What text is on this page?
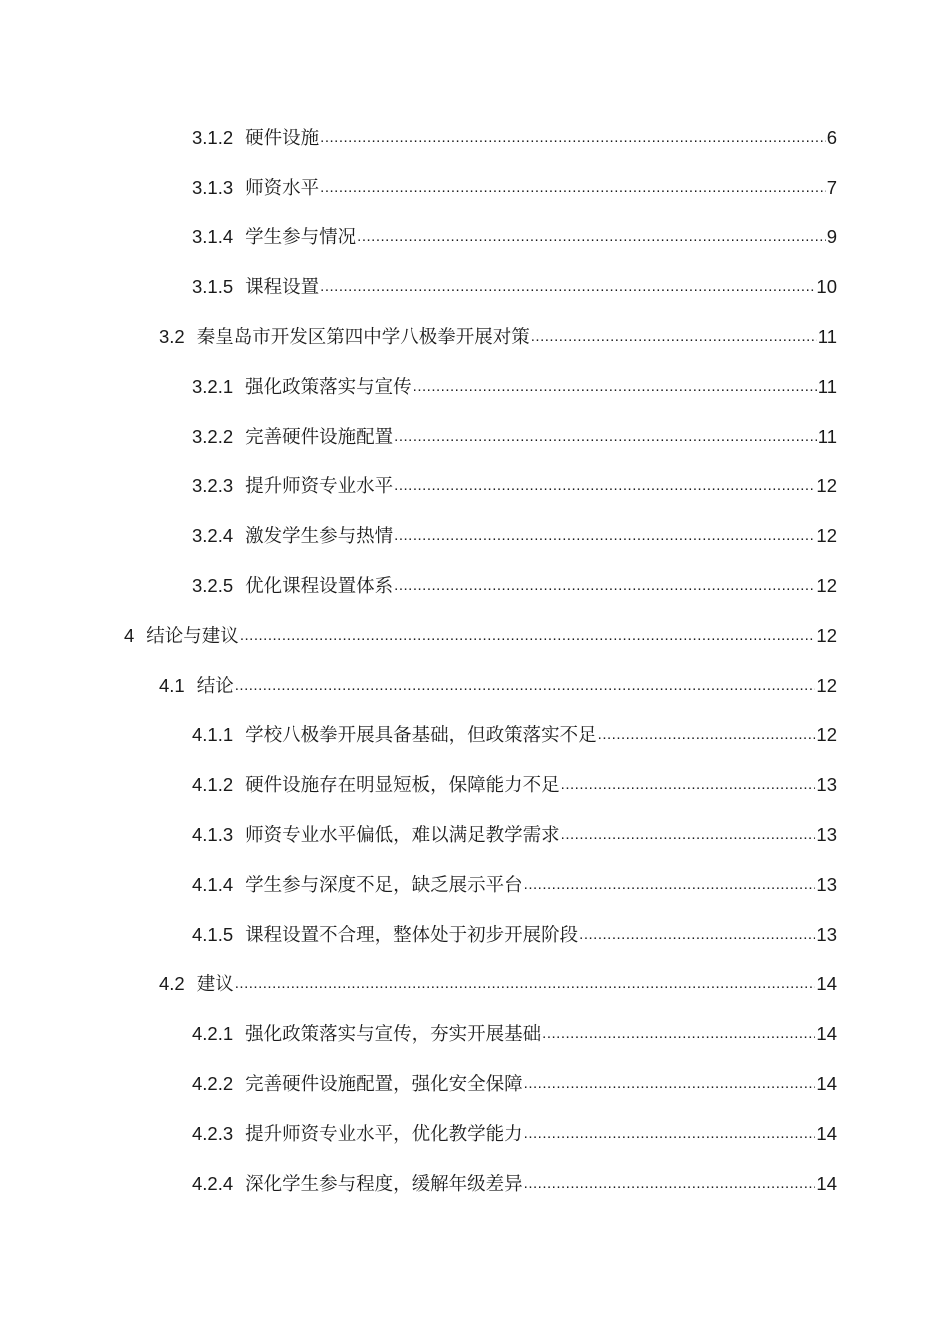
3.1.2 硬件设施 .....	6
3.1.3 师资水平 .....	7
3.1.4 学生参与情况 .....	9
3.1.5 课程设置 .....	10
3.2 秦皇岛市开发区第四中学八极拳开展对策 .....	11
3.2.1 强化政策落实与宣传 .....	11
3.2.2 完善硬件设施配置 .....	11
3.2.3 提升师资专业水平 .....	12
3.2.4 激发学生参与热情 .....	12
3.2.5 优化课程设置体系 .....	12
4 结论与建议 .....	12
4.1 结论 .....	12
4.1.1 学校八极拳开展具备基础，但政策落实不足 .....	12
4.1.2 硬件设施存在明显短板，保障能力不足 .....	13
4.1.3 师资专业水平偏低，难以满足教学需求 .....	13
4.1.4 学生参与深度不足，缺乏展示平台 .....	13
4.1.5 课程设置不合理，整体处于初步开展阶段 .....	13
4.2 建议 .....	14
4.2.1 强化政策落实与宣传，夯实开展基础 .....	14
4.2.2 完善硬件设施配置，强化安全保障 .....	14
4.2.3 提升师资专业水平，优化教学能力 .....	14
4.2.4 深化学生参与程度，缓解年级差异 .....	14
